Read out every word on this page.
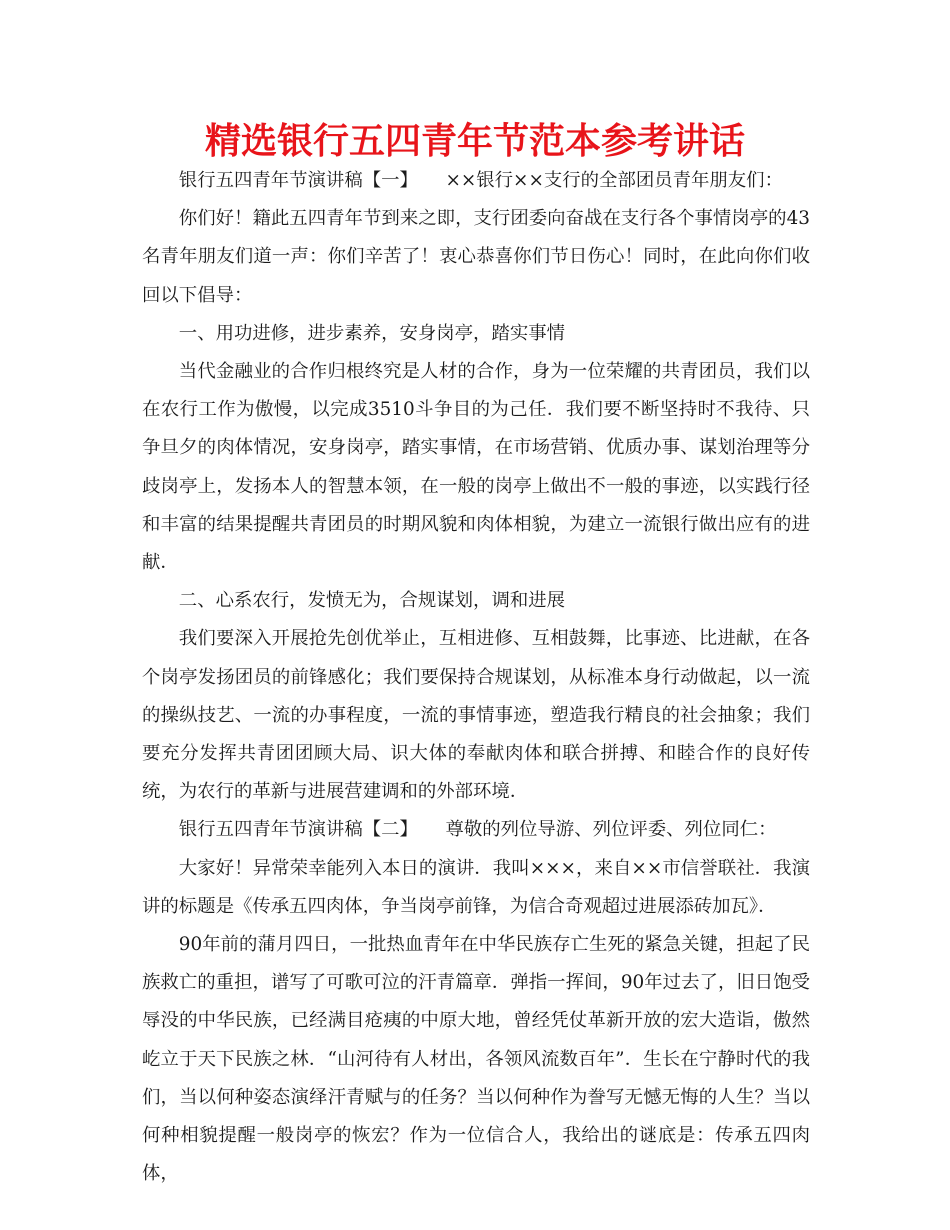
精选银行五四青年节范本参考讲话

银行五四青年节演讲稿【一】　　××银行××支行的全部团员青年朋友们：

你们好！籍此五四青年节到来之即，支行团委向奋战在支行各个事情岗亭的43名青年朋友们道一声：你们辛苦了！衷心恭喜你们节日伤心！同时，在此向你们收回以下倡导：

一、用功进修，进步素养，安身岗亭，踏实事情

当代金融业的合作归根终究是人材的合作，身为一位荣耀的共青团员，我们以在农行工作为傲慢，以完成3510斗争目的为己任．我们要不断坚持时不我待、只争旦夕的肉体情况，安身岗亭，踏实事情，在市场营销、优质办事、谋划治理等分歧岗亭上，发扬本人的智慧本领，在一般的岗亭上做出不一般的事迹，以实践行径和丰富的结果提醒共青团员的时期风貌和肉体相貌，为建立一流银行做出应有的进献．

二、心系农行，发愤无为，合规谋划，调和进展

我们要深入开展抢先创优举止，互相进修、互相鼓舞，比事迹、比进献，在各个岗亭发扬团员的前锋感化；我们要保持合规谋划，从标准本身行动做起，以一流的操纵技艺、一流的办事程度，一流的事情事迹，塑造我行精良的社会抽象；我们要充分发挥共青团团顾大局、识大体的奉献肉体和联合拼搏、和睦合作的良好传统，为农行的革新与进展营建调和的外部环境．

银行五四青年节演讲稿【二】　　尊敬的列位导游、列位评委、列位同仁：

大家好！异常荣幸能列入本日的演讲．我叫×××，来自××市信誉联社．我演讲的标题是《传承五四肉体，争当岗亭前锋，为信合奇观超过进展添砖加瓦》．

90年前的蒲月四日，一批热血青年在中华民族存亡生死的紧急关键，担起了民族救亡的重担，谱写了可歌可泣的汗青篇章．弹指一挥间，90年过去了，旧日饱受辱没的中华民族，已经满目疮痍的中原大地，曾经凭仗革新开放的宏大造诣，傲然屹立于天下民族之林．“山河待有人材出，各领风流数百年”．生长在宁静时代的我们，当以何种姿态演绎汗青赋与的任务？当以何种作为誊写无憾无悔的人生？当以何种相貌提醒一般岗亭的恢宏？作为一位信合人，我给出的谜底是：传承五四肉体，
